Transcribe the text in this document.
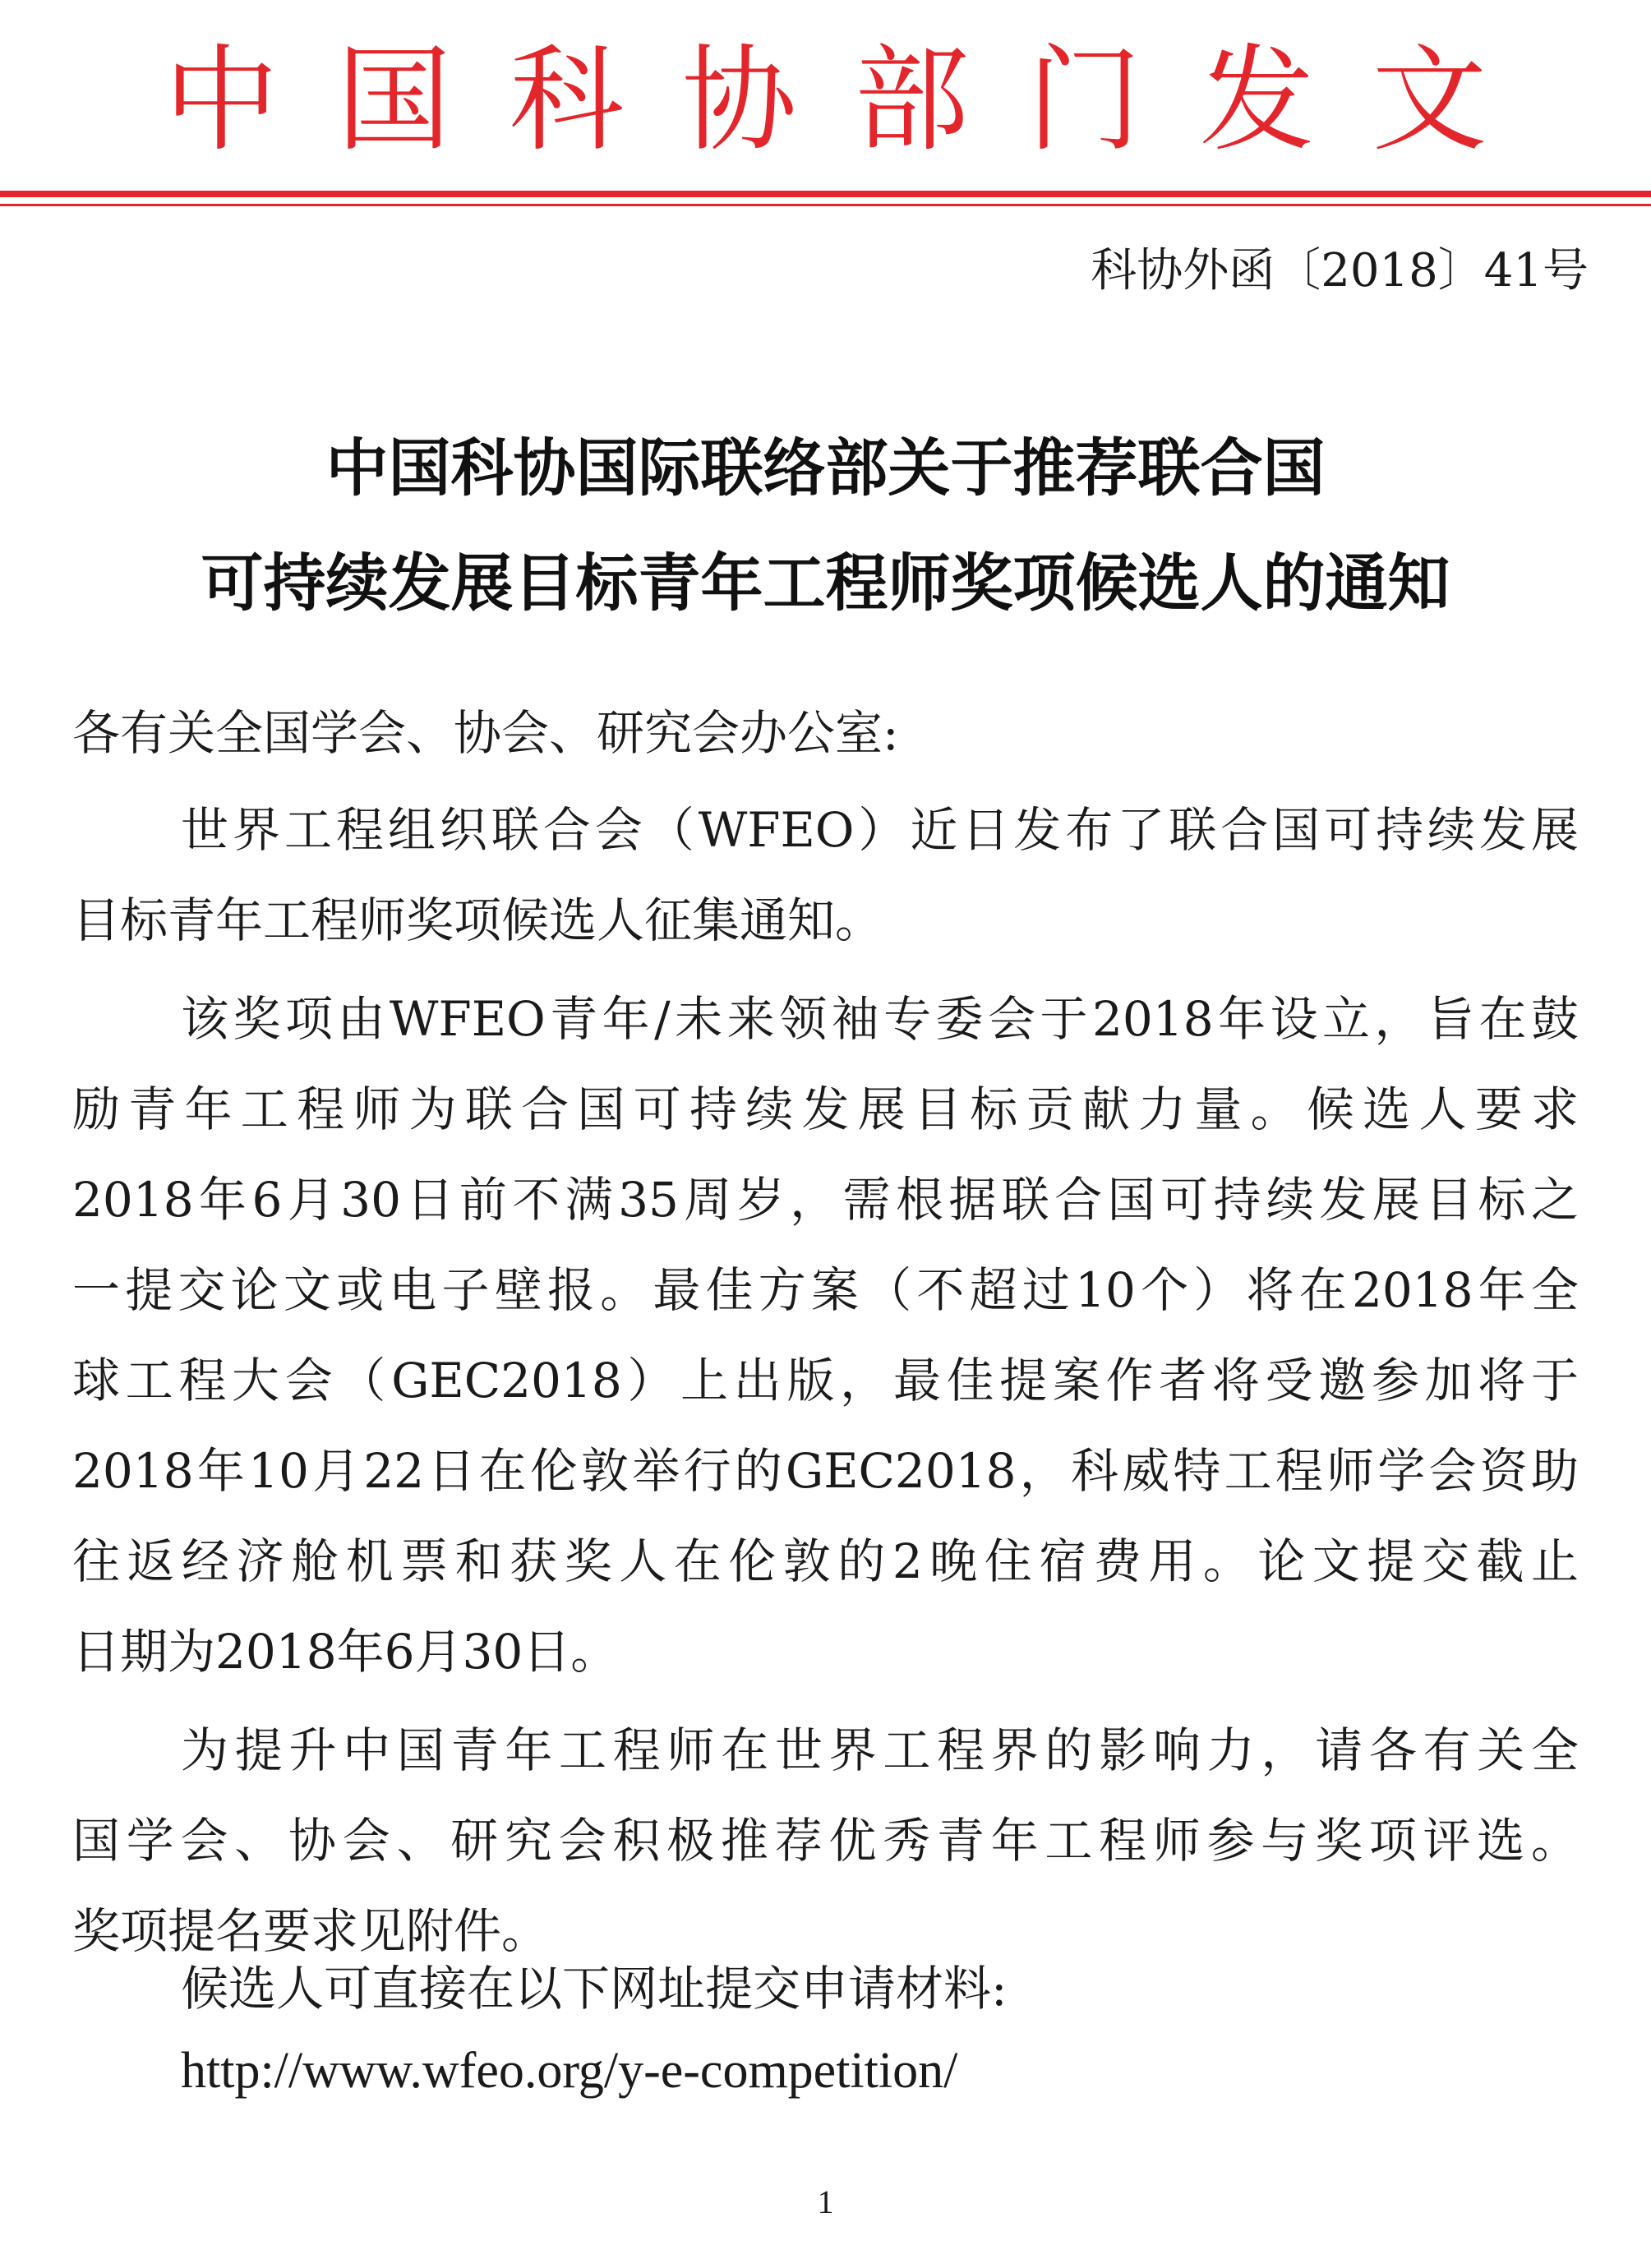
中国科协部门发文
科协外函〔2018〕41号
中国科协国际联络部关于推荐联合国
可持续发展目标青年工程师奖项候选人的通知
各有关全国学会、协会、研究会办公室:
世界工程组织联合会（WFEO）近日发布了联合国可持续发展
目标青年工程师奖项候选人征集通知。
该奖项由WFEO青年/未来领袖专委会于2018年设立，旨在鼓
励青年工程师为联合国可持续发展目标贡献力量。候选人要求
2018年6月30日前不满35周岁，需根据联合国可持续发展目标之
一提交论文或电子壁报。最佳方案（不超过10个）将在2018年全
球工程大会（GEC2018）上出版，最佳提案作者将受邀参加将于
2018年10月22日在伦敦举行的GEC2018，科威特工程师学会资助
往返经济舱机票和获奖人在伦敦的2晚住宿费用。论文提交截止
日期为2018年6月30日。
为提升中国青年工程师在世界工程界的影响力，请各有关全
国学会、协会、研究会积极推荐优秀青年工程师参与奖项评选。
奖项提名要求见附件。
候选人可直接在以下网址提交申请材料:
http://www.wfeo.org/y-e-competition/
1
